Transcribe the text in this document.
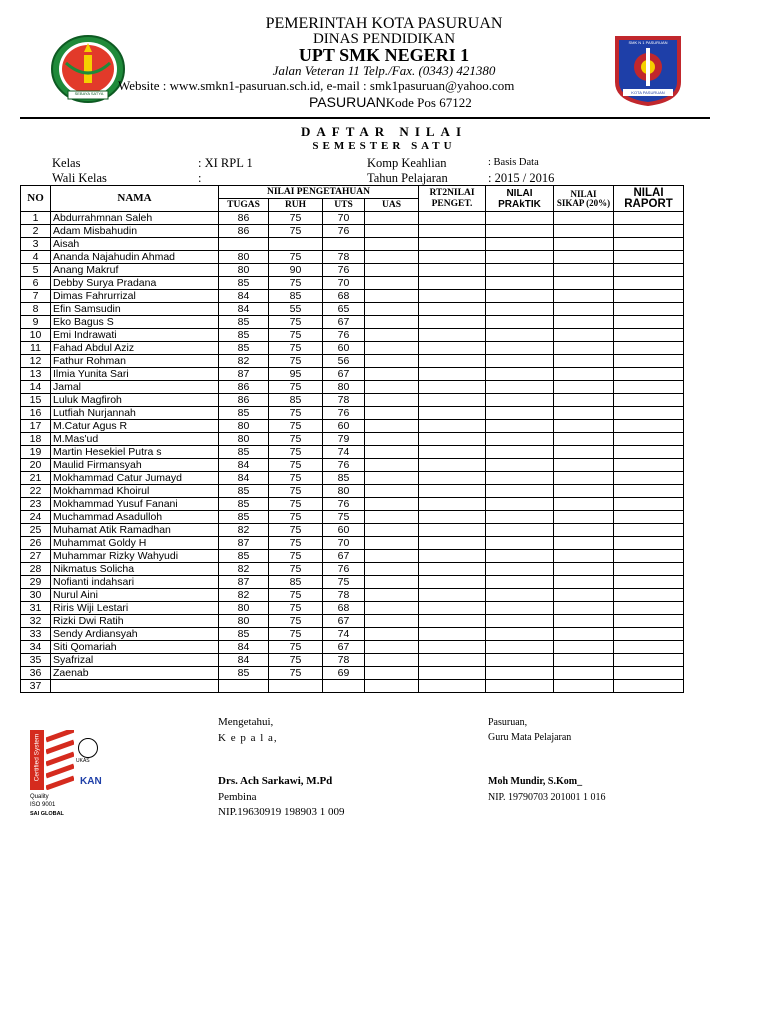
SEBAYA SATYA
SMK N 1 PASURUAN
KOTA PASURUAN
PEMERINTAH KOTA PASURUAN
DINAS PENDIDIKAN
UPT SMK NEGERI 1
Jalan Veteran 11 Telp./Fax. (0343) 421380
Website : www.smkn1-pasuruan.sch.id, e-mail : smk1pasuruan@yahoo.com
PASURUANKode Pos 67122
DAFTAR NILAI
SEMESTER SATU
Kelas	: XI RPL 1
Wali Kelas	:
Komp Keahlian	: Basis Data
Tahun Pelajaran	: 2015 / 2016
NO	NAMA	NILAI PENGETAHUAN				RT2NILAI PENGET.	NILAI PRAkTIK	NILAI SIKAP (20%)	NILAI RAPORT
		TUGAS	RUH	UTS	UAS				
1	Abdurrahmnan Saleh	86	75	70					
2	Adam Misbahudin	86	75	76					
3	Aisah								
4	Ananda Najahudin Ahmad	80	75	78					
5	Anang Makruf	80	90	76					
6	Debby Surya Pradana	85	75	70					
7	Dimas Fahrurrizal	84	85	68					
8	Efin Samsudin	84	55	65					
9	Eko Bagus S	85	75	67					
10	Emi Indrawati	85	75	76					
11	Fahad Abdul Aziz	85	75	60					
12	Fathur Rohman	82	75	56					
13	Ilmia Yunita Sari	87	95	67					
14	Jamal	86	75	80					
15	Luluk Magfiroh	86	85	78					
16	Lutfiah Nurjannah	85	75	76					
17	M.Catur Agus R	80	75	60					
18	M.Mas'ud	80	75	79					
19	Martin Hesekiel Putra s	85	75	74					
20	Maulid Firmansyah	84	75	76					
21	Mokhammad Catur Jumayd	84	75	85					
22	Mokhammad Khoirul	85	75	80					
23	Mokhammad Yusuf Fanani	85	75	76					
24	Muchammad Asadulloh	85	75	75					
25	Muhamat Atik Ramadhan	82	75	60					
26	Muhammat Goldy H	87	75	70					
27	Muhammar Rizky Wahyudi	85	75	67					
28	Nikmatus Solicha	82	75	76					
29	Nofianti indahsari	87	85	75					
30	Nurul Aini	82	75	78					
31	Riris Wiji Lestari	80	75	68					
32	Rizki Dwi Ratih	80	75	67					
33	Sendy Ardiansyah	85	75	74					
34	Siti Qomariah	84	75	67					
35	Syafrizal	84	75	78					
36	Zaenab	85	75	69					
37									
Certified System	UKAS
KAN
Quality
ISO 9001
SAI GLOBAL
Mengetahui,
K e p a l a,
Drs. Ach Sarkawi, M.Pd
Pembina
NIP.19630919 198903 1 009
Pasuruan,
Guru Mata Pelajaran
Moh Mundir, S.Kom_
NIP. 19790703 201001 1 016
